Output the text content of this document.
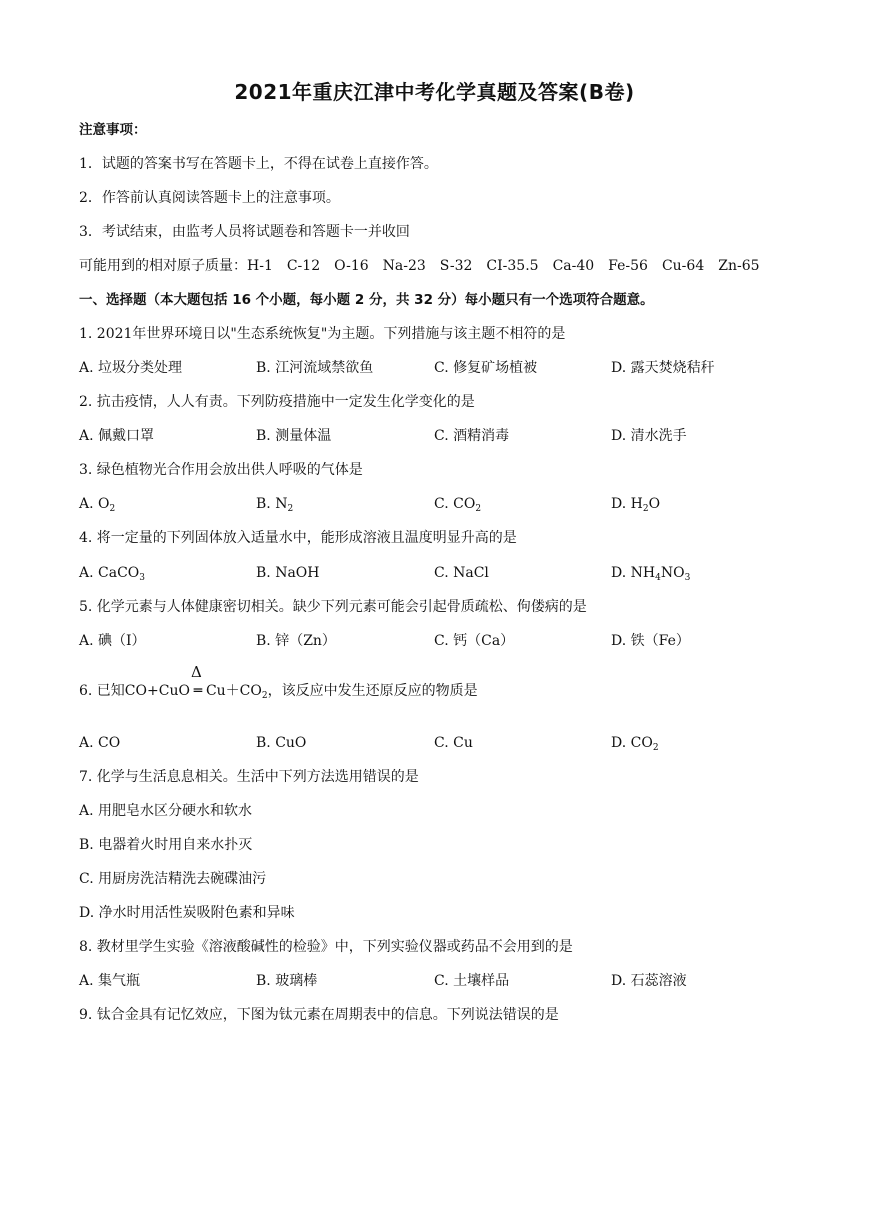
2021年重庆江津中考化学真题及答案(B卷)
注意事项：
1．试题的答案书写在答题卡上，不得在试卷上直接作答。
2．作答前认真阅读答题卡上的注意事项。
3．考试结束，由监考人员将试题卷和答题卡一并收回
可能用到的相对原子质量：H-1　C-12　O-16　Na-23　S-32　CI-35.5　Ca-40　Fe-56　Cu-64　Zn-65
一、选择题（本大题包括 16 个小题，每小题 2 分，共 32 分）每小题只有一个选项符合题意。
1. 2021年世界环境日以"生态系统恢复"为主题。下列措施与该主题不相符的是
A. 垃圾分类处理	B. 江河流域禁欲鱼	C. 修复矿场植被	D. 露天焚烧秸秆
2. 抗击疫情，人人有责。下列防疫措施中一定发生化学变化的是
A. 佩戴口罩	B. 测量体温	C. 酒精消毒	D. 清水洗手
3. 绿色植物光合作用会放出供人呼吸的气体是
A. $O_2$	B. $N_2$	C. $CO_2$	D. $H_2O$
4. 将一定量的下列固体放入适量水中，能形成溶液且温度明显升高的是
A. CaCO$_3$	B. NaOH	C. NaCl	D. $NH_4NO_3$
5. 化学元素与人体健康密切相关。缺少下列元素可能会引起骨质疏松、佝偻病的是
A. 碘（I）	B. 锌（Zn）	C. 钙（Ca）	D. 铁（Fe）
6. 已知CO+CuO
Δ
═ $Cu+CO_2$，该反应中发生还原反应的物质是
A. CO	B. CuO	C. Cu	D. $CO_2$
7. 化学与生活息息相关。生活中下列方法选用错误的是
A. 用肥皂水区分硬水和软水
B. 电器着火时用自来水扑灭
C. 用厨房洗洁精洗去碗碟油污
D. 净水时用活性炭吸附色素和异味
8. 教材里学生实验《溶液酸碱性的检验》中，下列实验仪器或药品不会用到的是
A. 集气瓶	B. 玻璃棒	C. 土壤样品	D. 石蕊溶液
9. 钛合金具有记忆效应，下图为钛元素在周期表中的信息。下列说法错误的是
